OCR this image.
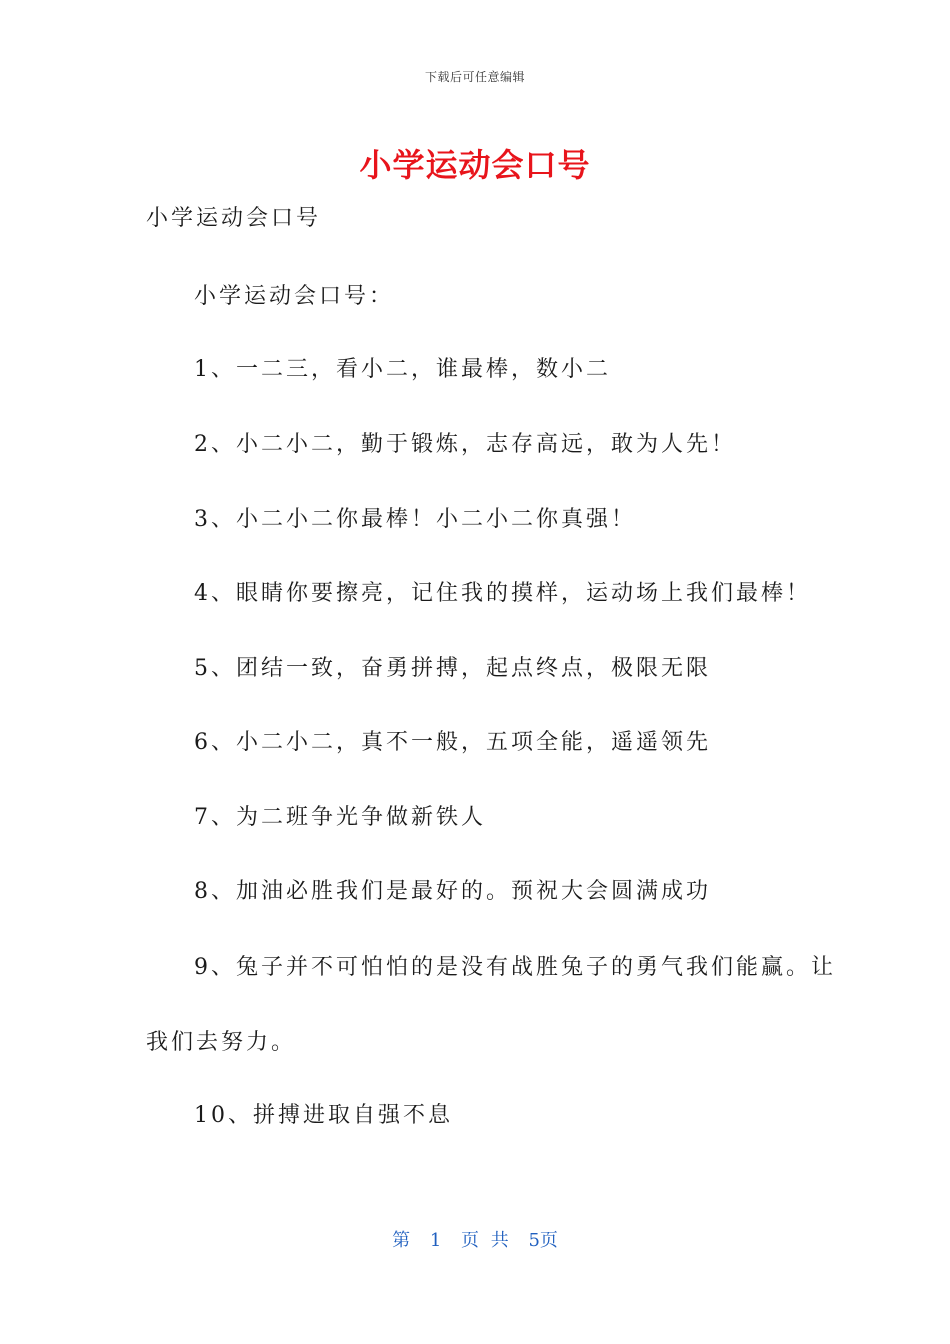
下载后可任意编辑
小学运动会口号
小学运动会口号
小学运动会口号：
1、一二三，看小二，谁最棒，数小二
2、小二小二，勤于锻炼，志存高远，敢为人先！
3、小二小二你最棒！小二小二你真强！
4、眼睛你要擦亮，记住我的摸样，运动场上我们最棒！
5、团结一致，奋勇拼搏，起点终点，极限无限
6、小二小二，真不一般，五项全能，遥遥领先
7、为二班争光争做新铁人
8、加油必胜我们是最好的。预祝大会圆满成功
9、兔子并不可怕怕的是没有战胜兔子的勇气我们能赢。让
我们去努力。
10、拼搏进取自强不息
第 1 页 共 5页
